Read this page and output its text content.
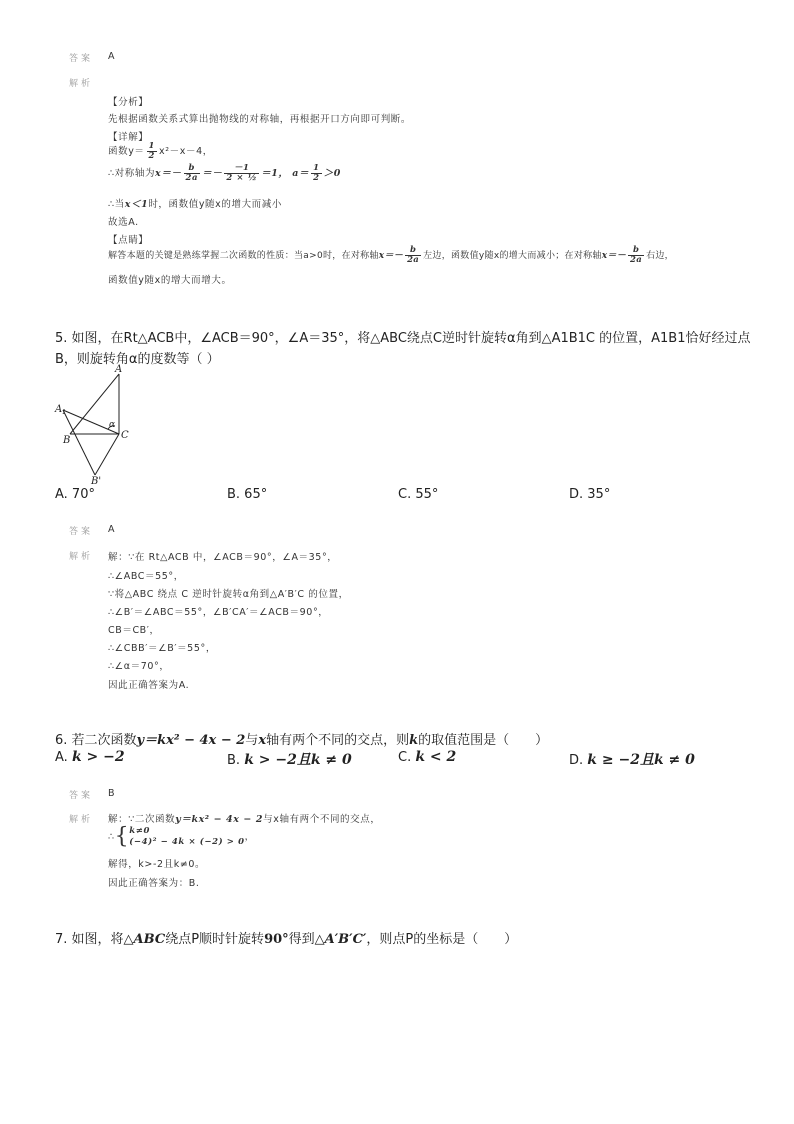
答案 A
解析
【分析】
先根据函数关系式算出抛物线的对称轴，再根据开口方向即可判断。
【详解】
函数$y= \frac{1}{2} x^2-x-4$，
∴对称轴为$x=- \frac{b}{2a} =- \frac{-1}{\text{2 × ½}} =1$， $a= \frac{1}{2} >0$
∴当x＜1时，函数值y随x的增大而减小
故选A.
【点睛】
解答本题的关键是熟练掌握二次函数的性质：当a>0时，在对称轴$x=- \frac{b}{2a}$ 左边，函数值y随x的增大而减小；在对称轴$x=- \frac{b}{2a}$ 右边，
函数值y随x的增大而增大。
5. 如图，在Rt△ACB中，∠ACB＝90°，∠A＝35°，将△ABC绕点C逆时针旋转α角到△A1B1C 的位置，A1B1恰好经过点
B，则旋转角α的度数等（ ）
A
A 1
B	C
B'
α
A. 70°	B. 65°	C. 55°	D. 35°
答案 A
解析 解：∵在 Rt△ACB 中，∠ACB＝90°，∠A＝35°，
∴∠ABC＝55°，
∵将△ABC 绕点 C 逆时针旋转α角到△A′B′C 的位置，
∴∠B′＝∠ABC＝55°，∠B′CA′＝∠ACB＝90°，
CB＝CB′，
∴∠CBB′＝∠B′＝55°，
∴∠α＝70°，
因此正确答案为A.
6. 若二次函数y＝kx² − 4x − 2与x轴有两个不同的交点，则k的取值范围是（　　）
A. k > −2	B. k > −2且k ≠ 0	C. k < 2	D. k ≥ −2且k ≠ 0
答案 B
解析 解：∵二次函数y＝kx² − 4x − 2与x轴有两个不同的交点，
∴{ k≠0
(−4)² − 4k × (−2) > 0 ，
解得，k>-2且k≠0。
因此正确答案为：B.
7. 如图，将△ABC绕点P顺时针旋转90°得到△A′B′C′，则点P的坐标是（　　）
